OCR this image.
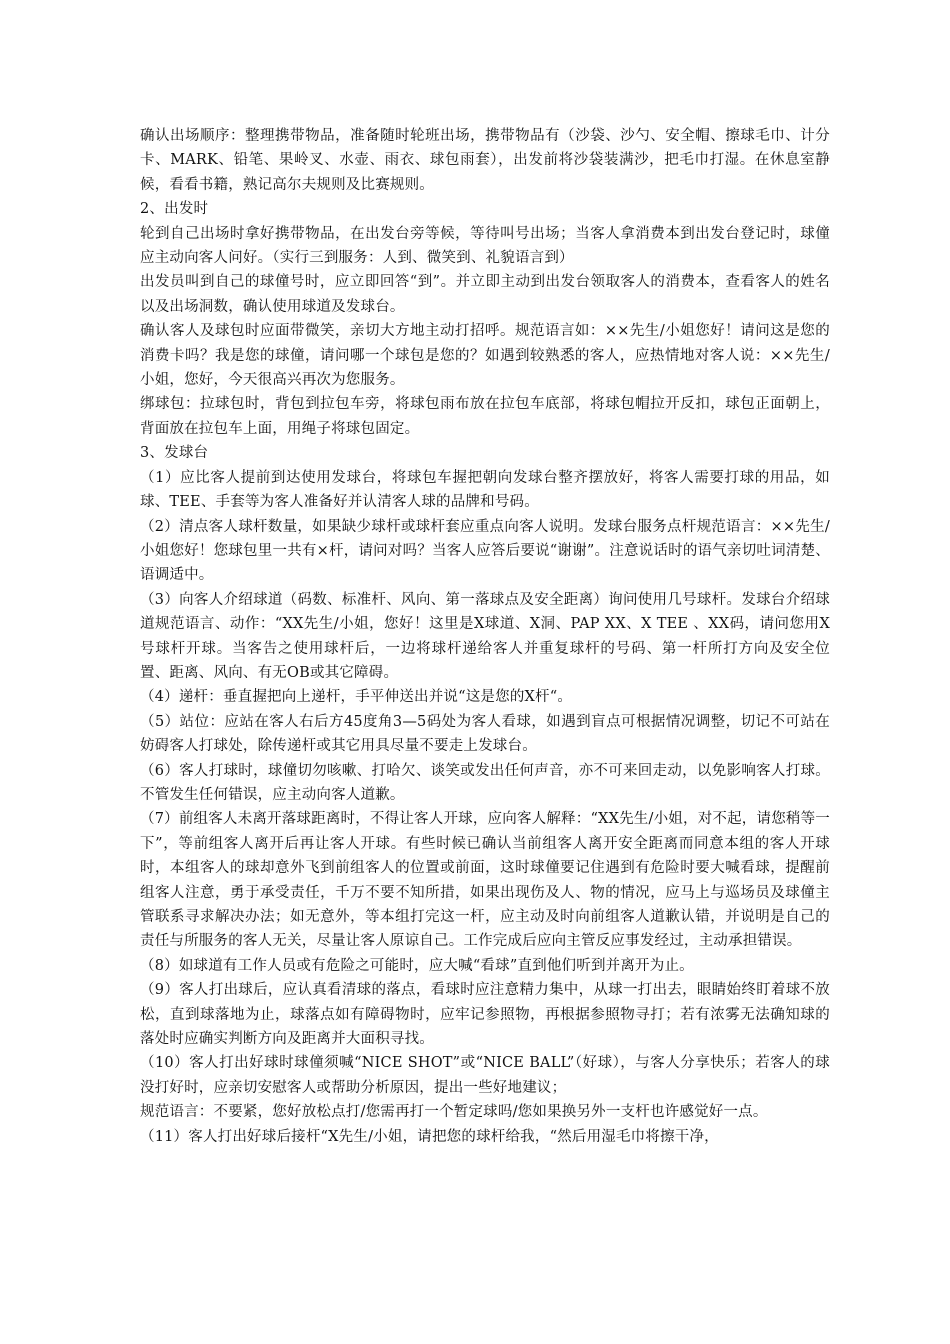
确认出场顺序：整理携带物品，准备随时轮班出场，携带物品有（沙袋、沙勺、安全帽、擦球毛巾、计分卡、MARK、铅笔、果岭叉、水壶、雨衣、球包雨套），出发前将沙袋装满沙，把毛巾打湿。在休息室静候，看看书籍，熟记高尔夫规则及比赛规则。

2、出发时

轮到自己出场时拿好携带物品，在出发台旁等候，等待叫号出场；当客人拿消费本到出发台登记时，球僮应主动向客人问好。（实行三到服务：人到、微笑到、礼貌语言到）

出发员叫到自己的球僮号时，应立即回答“到”。并立即主动到出发台领取客人的消费本，查看客人的姓名以及出场洞数，确认使用球道及发球台。

确认客人及球包时应面带微笑，亲切大方地主动打招呼。规范语言如：××先生/小姐您好！请问这是您的消费卡吗？我是您的球僮，请问哪一个球包是您的？如遇到较熟悉的客人，应热情地对客人说：××先生/小姐，您好，今天很高兴再次为您服务。

绑球包：拉球包时，背包到拉包车旁，将球包雨布放在拉包车底部，将球包帽拉开反扣，球包正面朝上，背面放在拉包车上面，用绳子将球包固定。

3、发球台

（1）应比客人提前到达使用发球台，将球包车握把朝向发球台整齐摆放好，将客人需要打球的用品，如球、TEE、手套等为客人准备好并认清客人球的品牌和号码。

（2）清点客人球杆数量，如果缺少球杆或球杆套应重点向客人说明。发球台服务点杆规范语言：××先生/小姐您好！您球包里一共有×杆，请问对吗？当客人应答后要说“谢谢”。注意说话时的语气亲切吐词清楚、语调适中。

（3）向客人介绍球道（码数、标准杆、风向、第一落球点及安全距离）询问使用几号球杆。发球台介绍球道规范语言、动作：“XX先生/小姐，您好！这里是X球道、X洞、PAP XX、X TEE 、XX码，请问您用X号球杆开球。当客告之使用球杆后，一边将球杆递给客人并重复球杆的号码、第一杆所打方向及安全位置、距离、风向、有无OB或其它障碍。

（4）递杆：垂直握把向上递杆，手平伸送出并说“这是您的X杆“。

（5）站位：应站在客人右后方45度角3—5码处为客人看球，如遇到盲点可根据情况调整，切记不可站在妨碍客人打球处，除传递杆或其它用具尽量不要走上发球台。

（6）客人打球时，球僮切勿咳嗽、打哈欠、谈笑或发出任何声音，亦不可来回走动，以免影响客人打球。不管发生任何错误，应主动向客人道歉。

（7）前组客人未离开落球距离时，不得让客人开球，应向客人解释：“XX先生/小姐，对不起，请您稍等一下”，等前组客人离开后再让客人开球。有些时候已确认当前组客人离开安全距离而同意本组的客人开球时，本组客人的球却意外飞到前组客人的位置或前面，这时球僮要记住遇到有危险时要大喊看球，提醒前组客人注意，勇于承受责任，千万不要不知所措，如果出现伤及人、物的情况，应马上与巡场员及球僮主管联系寻求解决办法；如无意外，等本组打完这一杆，应主动及时向前组客人道歉认错，并说明是自己的责任与所服务的客人无关，尽量让客人原谅自己。工作完成后应向主管反应事发经过，主动承担错误。

（8）如球道有工作人员或有危险之可能时，应大喊“看球”直到他们听到并离开为止。

（9）客人打出球后，应认真看清球的落点，看球时应注意精力集中，从球一打出去，眼睛始终盯着球不放松，直到球落地为止，球落点如有障碍物时，应牢记参照物，再根据参照物寻打；若有浓雾无法确知球的落处时应确实判断方向及距离并大面积寻找。

（10）客人打出好球时球僮须喊“NICE SHOT”或“NICE BALL”（好球），与客人分享快乐；若客人的球没打好时，应亲切安慰客人或帮助分析原因，提出一些好地建议；

规范语言：不要紧，您好放松点打/您需再打一个暂定球吗/您如果换另外一支杆也许感觉好一点。

（11）客人打出好球后接杆“X先生/小姐，请把您的球杆给我，“然后用湿毛巾将擦干净，
